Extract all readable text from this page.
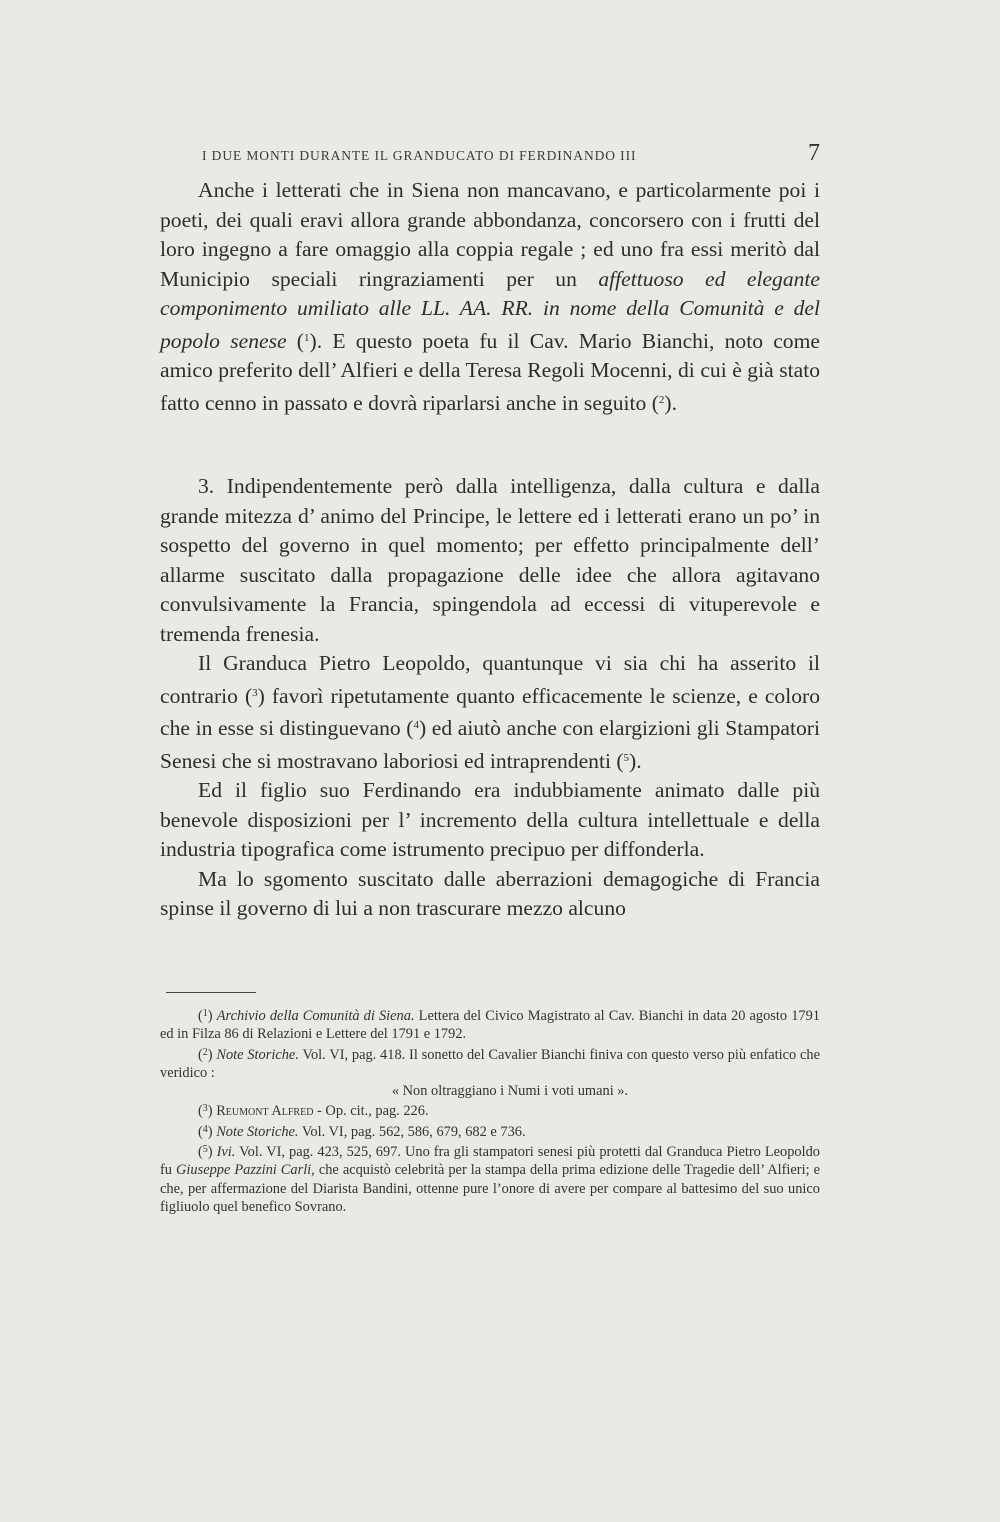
I DUE MONTI DURANTE IL GRANDUCATO DI FERDINANDO III	7

Anche i letterati che in Siena non mancavano, e particolarmente poi i poeti, dei quali eravi allora grande abbondanza, concorsero con i frutti del loro ingegno a fare omaggio alla coppia regale ; ed uno fra essi meritò dal Municipio speciali ringraziamenti per un affettuoso ed elegante componimento umiliato alle LL. AA. RR. in nome della Comunità e del popolo senese ($^1$). E questo poeta fu il Cav. Mario Bianchi, noto come amico preferito dell’ Alfieri e della Teresa Regoli Mocenni, di cui è già stato fatto cenno in passato e dovrà riparlarsi anche in seguito ($^2$).

3. Indipendentemente però dalla intelligenza, dalla cultura e dalla grande mitezza d’ animo del Principe, le lettere ed i letterati erano un po’ in sospetto del governo in quel momento; per effetto principalmente dell’ allarme suscitato dalla propagazione delle idee che allora agitavano convulsivamente la Francia, spingendola ad eccessi di vituperevole e tremenda frenesia.

Il Granduca Pietro Leopoldo, quantunque vi sia chi ha asserito il contrario ($^3$) favorì ripetutamente quanto efficacemente le scienze, e coloro che in esse si distinguevano ($^4$) ed aiutò anche con elargizioni gli Stampatori Senesi che si mostravano laboriosi ed intraprendenti ($^5$).

Ed il figlio suo Ferdinando era indubbiamente animato dalle più benevole disposizioni per l’ incremento della cultura intellettuale e della industria tipografica come istrumento precipuo per diffonderla.

Ma lo sgomento suscitato dalle aberrazioni demagogiche di Francia spinse il governo di lui a non trascurare mezzo alcuno

($^1$) Archivio della Comunità di Siena. Lettera del Civico Magistrato al Cav. Bianchi in data 20 agosto 1791 ed in Filza 86 di Relazioni e Lettere del 1791 e 1792.

($^2$) Note Storiche. Vol. VI, pag. 418. Il sonetto del Cavalier Bianchi finiva con questo verso più enfatico che veridico :

« Non oltraggiano i Numi i voti umani ».

($^3$) Reumont Alfred - Op. cit., pag. 226.

($^4$) Note Storiche. Vol. VI, pag. 562, 586, 679, 682 e 736.

($^5$) Ivi. Vol. VI, pag. 423, 525, 697. Uno fra gli stampatori senesi più protetti dal Granduca Pietro Leopoldo fu Giuseppe Pazzini Carli, che acquistò celebrità per la stampa della prima edizione delle Tragedie dell’ Alfieri; e che, per affermazione del Diarista Bandini, ottenne pure l’onore di avere per compare al battesimo del suo unico figliuolo quel benefico Sovrano.
